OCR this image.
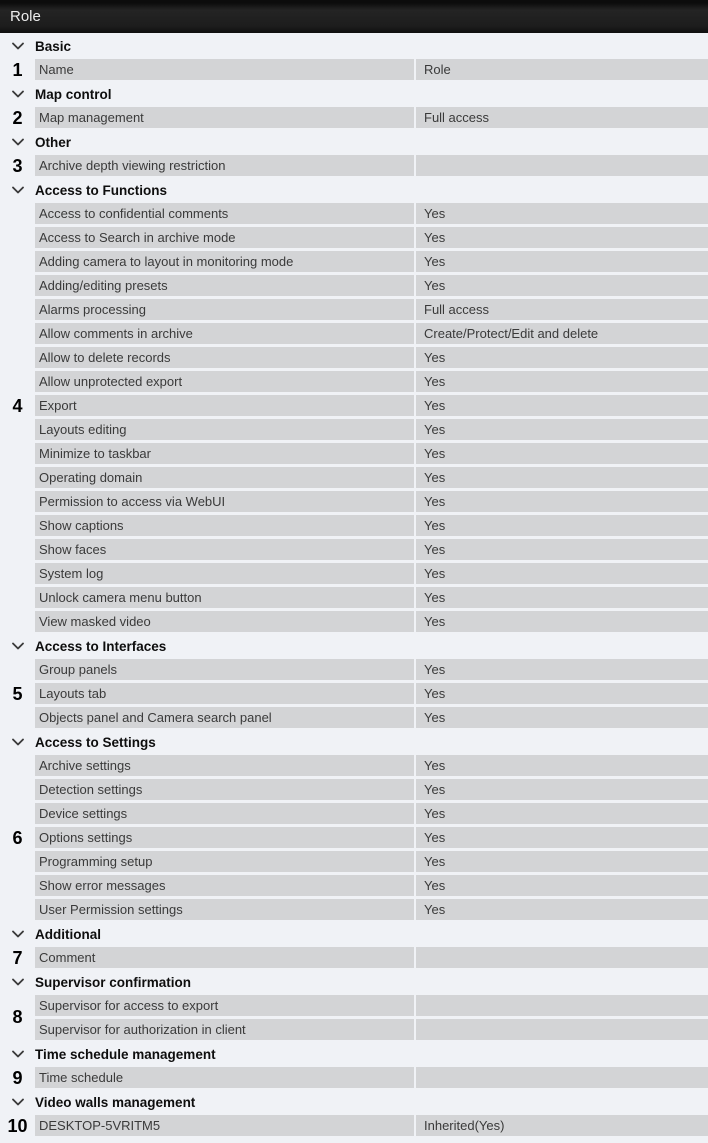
Role
Basic
1	Name	Role
Map control
2	Map management	Full access
Other
3	Archive depth viewing restriction
Access to Functions
Access to confidential comments	Yes
Access to Search in archive mode	Yes
Adding camera to layout in monitoring mode	Yes
Adding/editing presets	Yes
Alarms processing	Full access
Allow comments in archive	Create/Protect/Edit and delete
Allow to delete records	Yes
Allow unprotected export	Yes
4	Export	Yes
Layouts editing	Yes
Minimize to taskbar	Yes
Operating domain	Yes
Permission to access via WebUI	Yes
Show captions	Yes
Show faces	Yes
System log	Yes
Unlock camera menu button	Yes
View masked video	Yes
Access to Interfaces
Group panels	Yes
5	Layouts tab	Yes
Objects panel and Camera search panel	Yes
Access to Settings
Archive settings	Yes
Detection settings	Yes
Device settings	Yes
6	Options settings	Yes
Programming setup	Yes
Show error messages	Yes
User Permission settings	Yes
Additional
7	Comment
Supervisor confirmation
8
Supervisor for access to export
Supervisor for authorization in client
Time schedule management
9	Time schedule
Video walls management
10 DESKTOP-5VRITM5	Inherited(Yes)
